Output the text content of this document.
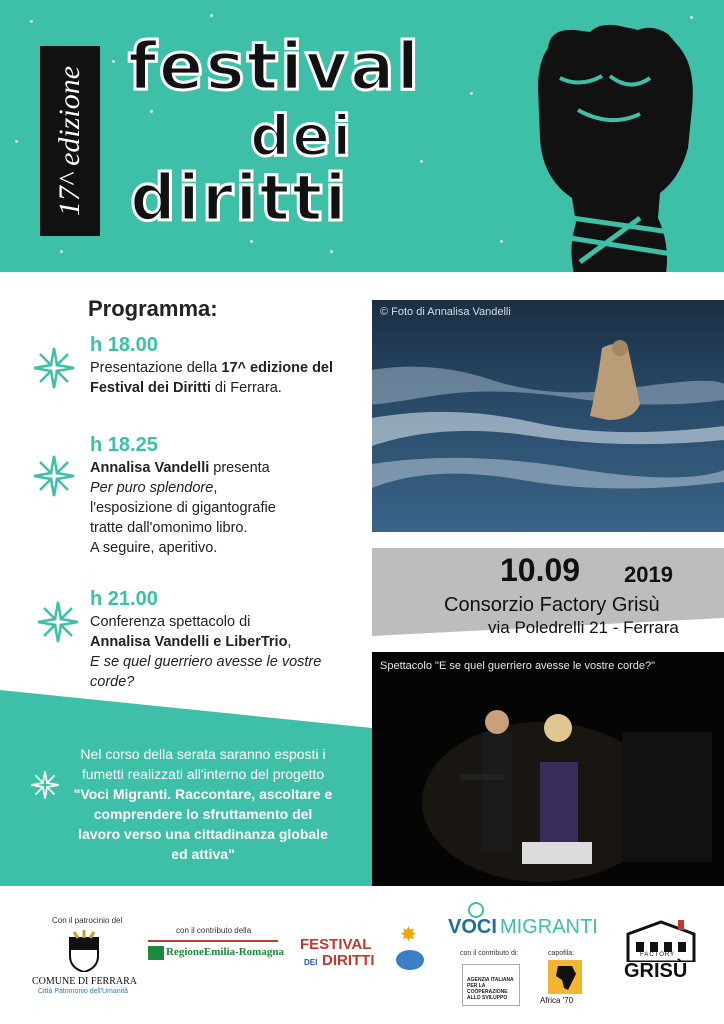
17^ edizione festival
dei
diritti
Programma:
h 18.00
Presentazione della 17^ edizione del
Festival dei Diritti di Ferrara.
h 18.25
Annalisa Vandelli presenta
Per puro splendore,
l'esposizione di gigantografie
tratte dall'omonimo libro.
A seguire, aperitivo.
h 21.00
Conferenza spettacolo di
Annalisa Vandelli e LiberTrio,
E se quel guerriero avesse le vostre
corde?
© Foto di Annalisa Vandelli
10.09 2019
Consorzio Factory Grisù
via Poledrelli 21 - Ferrara
Nel corso della serata saranno esposti i
fumetti realizzati all'interno del progetto
"Voci Migranti. Raccontare, ascoltare e
comprendere lo sfruttamento del
lavoro verso una cittadinanza globale
ed attiva"
Spettacolo "E se quel guerriero avesse le vostre corde?"
Con il patrocinio del
COMUNE DI FERRARA
Città Patrimonio dell'Umanità
con il contributo della
RegioneEmilia-Romagna FESTIVAL
DEI DIRITTI
✸ VOCI MIGRANTI
con il contributo di:
AGENZIA ITALIANA
PER LA COOPERAZIONE
ALLO SVILUPPO
capofila:
Africa '70
FACTORY
GRISÙ
